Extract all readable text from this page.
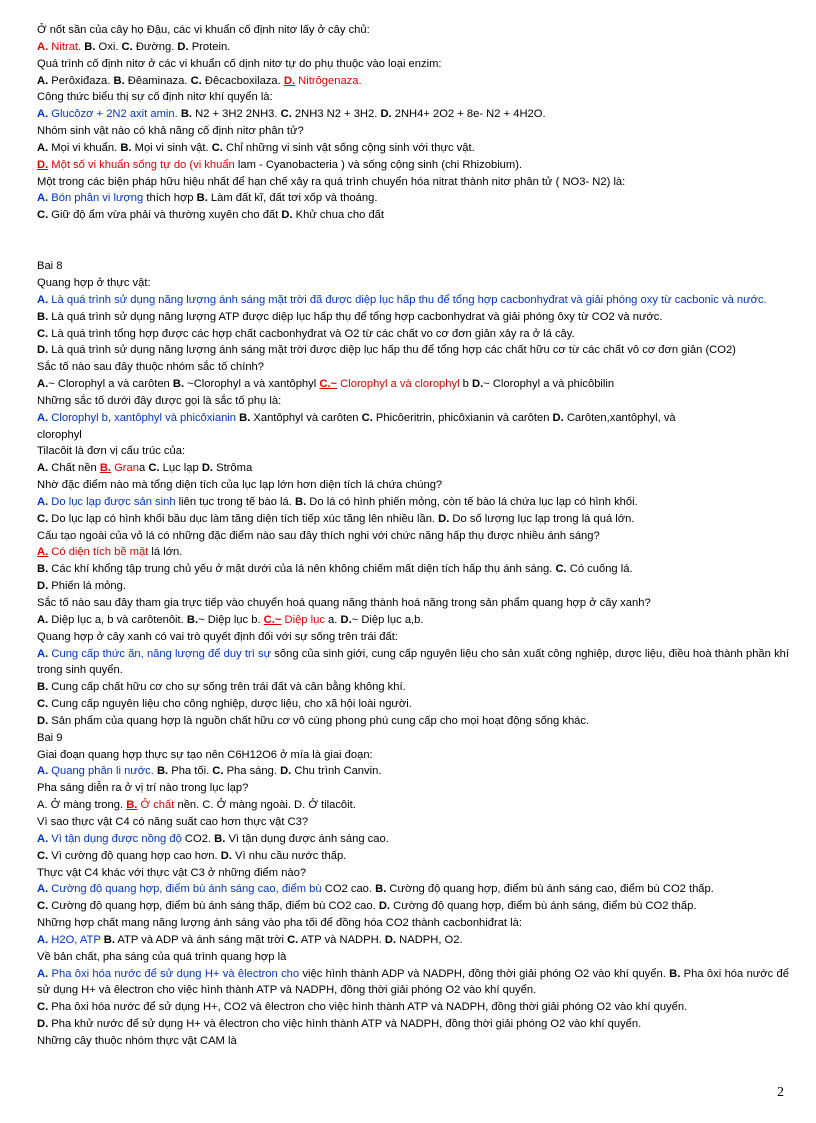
Ở nốt sần của cây họ Đậu, các vi khuẩn cố định nitơ lấy ở cây chủ:
A. Nitrat. B. Oxi. C. Đường. D. Protein.
Quá trình cố định nitơ ở các vi khuẩn cố dịnh nitơ tự do phụ thuộc vào loại enzim:
A. Perôxiđaza. B. Đêaminaza. C. Đêcacboxilaza. D. Nitrôgenaza.
Công thức biểu thị sự cố định nitơ khí quyển là:
A. Glucôzơ + 2N2 axit amin. B. N2 + 3H2 2NH3. C. 2NH3 N2 + 3H2. D. 2NH4+ 2O2 + 8e- N2 + 4H2O.
Nhóm sinh vật nào có khả năng cố định nitơ phân tử?
A. Mọi vi khuẩn. B. Mọi vi sinh vật. C. Chỉ những vi sinh vật sống cộng sinh với thực vật.
D. Một số vi khuẩn sống tự do (vi khuẩn lam - Cyanobacteria ) và sống cộng sinh (chi Rhizobium).
Một trong các biện pháp hữu hiệu nhất để hạn chế xảy ra quá trình chuyển hóa nitrat thành nitơ phân tử ( NO3- N2) là:
A. Bón phân vi lượng thích hợp B. Làm đất kĩ, đất tơi xốp và thoáng.
C. Giữ độ ẩm vừa phải và thường xuyên cho đất D. Khử chua cho đất
Bai 8
Quang hợp ở thực vật:
A. Là quá trình sử dụng năng lượng ánh sáng mặt trời đã được diệp lục hấp thu để tổng hợp cacbonhyđrat và giải phóng oxy từ cacbonic và nước.
B. Là quá trình sử dụng năng lượng ATP được diệp lục hấp thụ để tổng hợp cacbonhydrat và giải phóng ôxy từ CO2 và nước.
C. Là quá trình tổng hợp được các hợp chất cacbonhyđrat và O2 từ các chất vo cơ đơn giản xảy ra ở lá cây.
D. Là quá trình sử dụng năng lượng ánh sáng mặt trời được diệp lục hấp thu để tổng hợp các chất hữu cơ từ các chất vô cơ đơn giản (CO2)
Sắc tố nào sau đây thuộc nhóm sắc tố chính?
A.~ Clorophyl a và carôten B. ~Clorophyl a và xantôphyl C.~ Clorophyl a và clorophyl b D.~ Clorophyl a và phicôbilin
Những sắc tố dưới đây được gọi là sắc tố phụ là:
A. Clorophyl b, xantôphyl và phicôxianin B. Xantôphyl và carôten C. Phicôeritrin, phicôxianin và carôten D. Carôten,xantôphyl, và
clorophyl
Tilacôit là đơn vị cấu trúc của:
A. Chất nền B. Grana C. Lục lạp D. Strôma
Nhờ đặc điểm nào mà tổng diện tích của lục lạp lớn hơn diện tích lá chứa chúng?
A. Do lục lạp được sản sinh liên tục trong tế bào lá. B. Do lá có hình phiến mỏng, còn tế bào lá chứa lục lạp có hình khối.
C. Do lục lạp có hình khối bầu dục làm tăng diện tích tiếp xúc tăng lên nhiều lần. D. Do số lượng lục lạp trong lá quá lớn.
Cấu tạo ngoài của vỏ lá có những đặc điểm nào sau đây thích nghi với chức năng hấp thụ được nhiều ánh sáng?
A. Có diện tích bề mặt lá lớn.
B. Các khí khổng tập trung chủ yếu ở mặt dưới của lá nên không chiếm mất diện tích hấp thụ ánh sáng. C. Có cuống lá.
D. Phiến lá mỏng.
Sắc tố nào sau đây tham gia trực tiếp vào chuyển hoá quang năng thành hoá năng trong sản phẩm quang hợp ở cây xanh?
A. Diệp lục a, b và carôtenôit. B.~ Diệp lục b. C.~ Diệp lục a. D.~ Diệp lục a,b.
Quang hợp ở cây xanh có vai trò quyết định đối với sự sống trên trái đất:
A. Cung cấp thức ăn, năng lượng để duy trì sự sống của sinh giới, cung cấp nguyên liệu cho sản xuất công nghiệp, dược liệu, điều hoà thành phần khí trong sinh quyển.
B. Cung cấp chất hữu cơ cho sự sống trên trái đất và cân bằng không khí.
C. Cung cấp nguyên liệu cho công nghiệp, dược liệu, cho xã hội loài người.
D. Sản phẩm của quang hợp là nguồn chất hữu cơ vô cùng phong phú cung cấp cho mọi hoạt động sống khác.
Bai 9
Giai đoạn quang hợp thực sự tạo nên C6H12O6 ở mía là giai đoạn:
A. Quang phân li nước. B. Pha tối. C. Pha sáng. D. Chu trình Canvin.
Pha sáng diễn ra ở vị trí nào trong lục lạp?
A. Ở màng trong. B. Ở chất nền. C. Ở màng ngoài. D. Ở tilacôit.
Vì sao thực vật C4 có năng suất cao hơn thực vật C3?
A. Vì tận dụng được nồng độ CO2. B. Vì tận dụng được ánh sáng cao.
C. Vì cường độ quang hợp cao hơn. D. Vì nhu cầu nước thấp.
Thực vật C4 khác với thực vật C3 ở những điểm nào?
A. Cường độ quang hợp, điểm bù ánh sáng cao, điểm bù CO2 cao. B. Cường độ quang hợp, điểm bù ánh sáng cao, điểm bù CO2 thấp.
C. Cường độ quang hợp, điểm bù ánh sáng thấp, điểm bù CO2 cao. D. Cường độ quang hợp, điểm bù ánh sáng, điểm bù CO2 thấp.
Những hợp chất mang năng lượng ánh sáng vào pha tối để đồng hóa CO2 thành cacbonhiđrat là:
A. H2O, ATP B. ATP và ADP và ánh sáng mặt trời C. ATP và NADPH. D. NADPH, O2.
Về bản chất, pha sáng của quá trình quang hợp là
A. Pha ôxi hóa nước để sử dụng H+ và êlectron cho việc hình thành ADP và NADPH, đồng thời giải phóng O2 vào khí quyển. B. Pha ôxi hóa nước để sử dụng H+ và êlectron cho việc hình thành ATP và NADPH, đồng thời giải phóng O2 vào khí quyển.
C. Pha ôxi hóa nước để sử dụng H+, CO2 và êlectron cho việc hình thành ATP và NADPH, đồng thời giải phóng O2 vào khí quyển.
D. Pha khử nước để sử dụng H+ và êlectron cho việc hình thành ATP và NADPH, đồng thời giải phóng O2 vào khí quyển.
Những cây thuộc nhóm thực vật CAM là
2
